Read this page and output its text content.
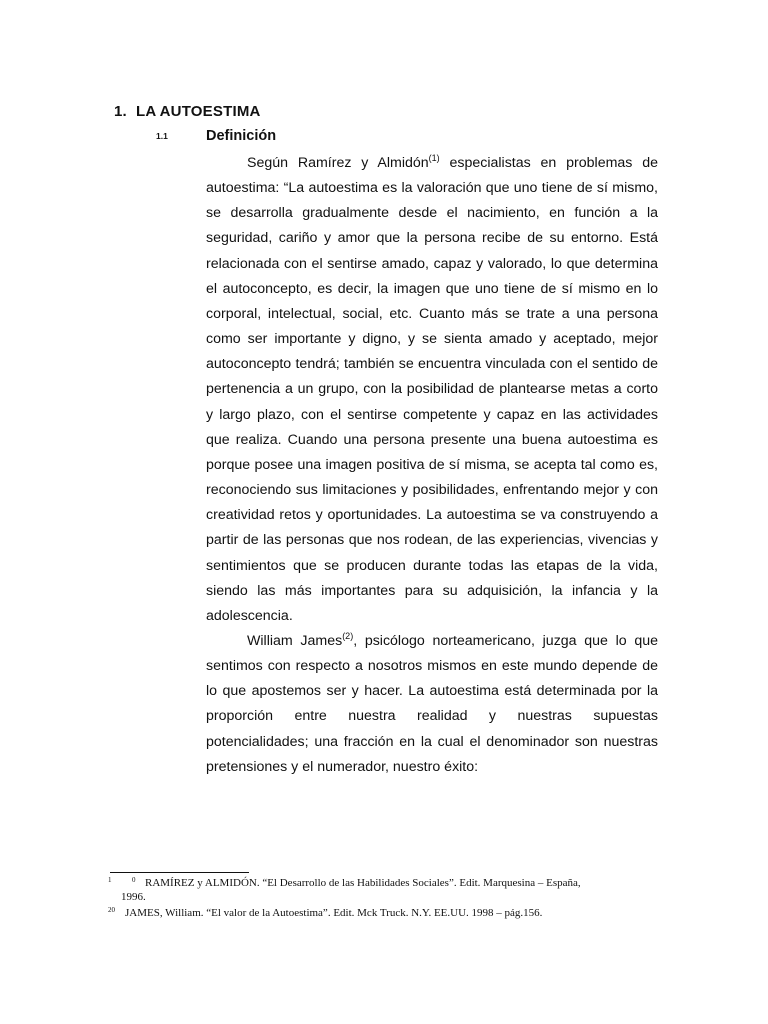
1. LA AUTOESTIMA
1.1	Definición

Según Ramírez y Almidón$^{(1)}$ especialistas en problemas de autoestima: “La autoestima es la valoración que uno tiene de sí mismo, se desarrolla gradualmente desde el nacimiento, en función a la seguridad, cariño y amor que la persona recibe de su entorno. Está relacionada con el sentirse amado, capaz y valorado, lo que determina el autoconcepto, es decir, la imagen que uno tiene de sí mismo en lo corporal, intelectual, social, etc. Cuanto más se trate a una persona como ser importante y digno, y se sienta amado y aceptado, mejor autoconcepto tendrá; también se encuentra vinculada con el sentido de pertenencia a un grupo, con la posibilidad de plantearse metas a corto y largo plazo, con el sentirse competente y capaz en las actividades que realiza. Cuando una persona presente una buena autoestima es porque posee una imagen positiva de sí misma, se acepta tal como es, reconociendo sus limitaciones y posibilidades, enfrentando mejor y con creatividad retos y oportunidades. La autoestima se va construyendo a partir de las personas que nos rodean, de las experiencias, vivencias y sentimientos que se producen durante todas las etapas de la vida, siendo las más importantes para su adquisición, la infancia y la adolescencia.

William James$^{(2)}$, psicólogo norteamericano, juzga que lo que sentimos con respecto a nosotros mismos en este mundo depende de lo que apostemos ser y hacer. La autoestima está determinada por la proporción entre nuestra realidad y nuestras supuestas potencialidades; una fracción en la cual el denominador son nuestras pretensiones y el numerador, nuestro éxito:

1	0 RAMÍREZ y ALMIDÓN. “El Desarrollo de las Habilidades Sociales”. Edit. Marquesina – España,
1996.
20 JAMES, William. “El valor de la Autoestima”. Edit. Mck Truck. N.Y. EE.UU. 1998 – pág.156.
